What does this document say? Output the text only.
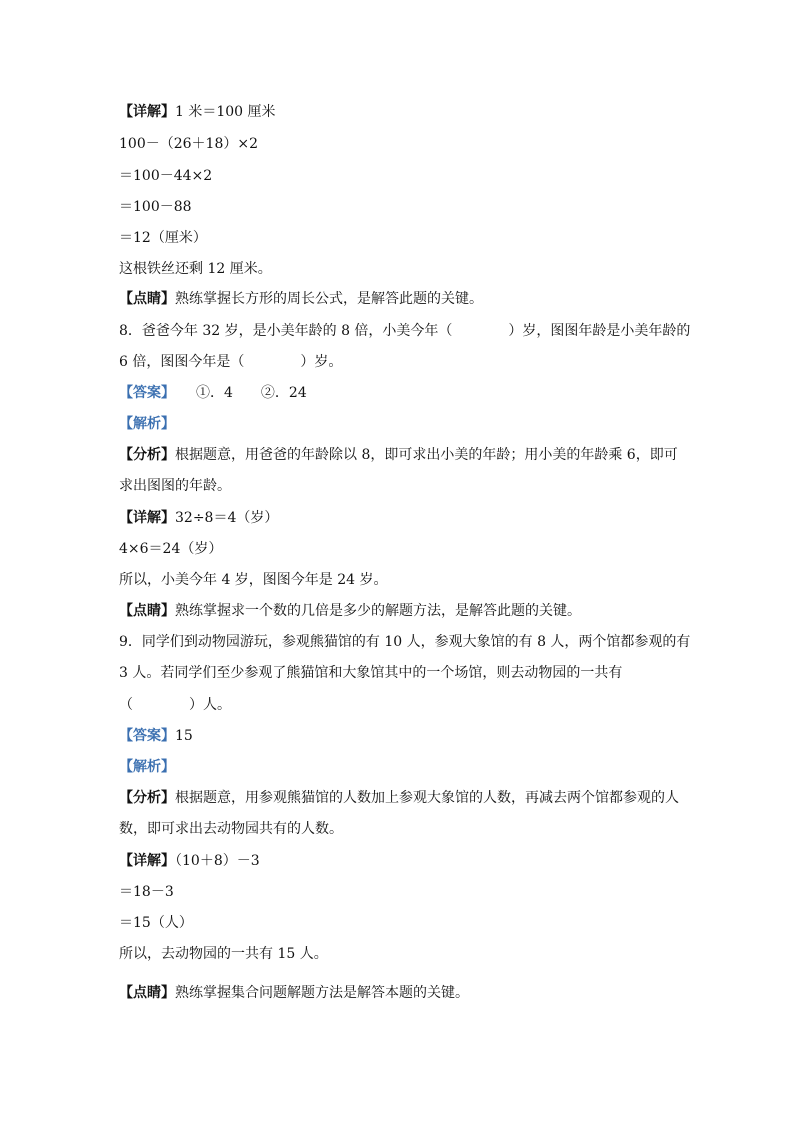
【详解】1 米＝100 厘米
100－（26＋18）×2
＝100－44×2
＝100－88
＝12（厘米）
这根铁丝还剩 12 厘米。
【点睛】熟练掌握长方形的周长公式，是解答此题的关键。
8．爸爸今年 32 岁，是小美年龄的 8 倍，小美今年（　　　　）岁，图图年龄是小美年龄的
6 倍，图图今年是（　　　　）岁。
【答案】　　①．4　　②．24
【解析】
【分析】根据题意，用爸爸的年龄除以 8，即可求出小美的年龄；用小美的年龄乘 6，即可
求出图图的年龄。
【详解】32÷8＝4（岁）
4×6＝24（岁）
所以，小美今年 4 岁，图图今年是 24 岁。
【点睛】熟练掌握求一个数的几倍是多少的解题方法，是解答此题的关键。
9．同学们到动物园游玩，参观熊猫馆的有 10 人，参观大象馆的有 8 人，两个馆都参观的有
3 人。若同学们至少参观了熊猫馆和大象馆其中的一个场馆，则去动物园的一共有
（　　　　）人。
【答案】15
【解析】
【分析】根据题意，用参观熊猫馆的人数加上参观大象馆的人数，再减去两个馆都参观的人
数，即可求出去动物园共有的人数。
【详解】（10＋8）－3
＝18－3
＝15（人）
所以，去动物园的一共有 15 人。
【点睛】熟练掌握集合问题解题方法是解答本题的关键。
